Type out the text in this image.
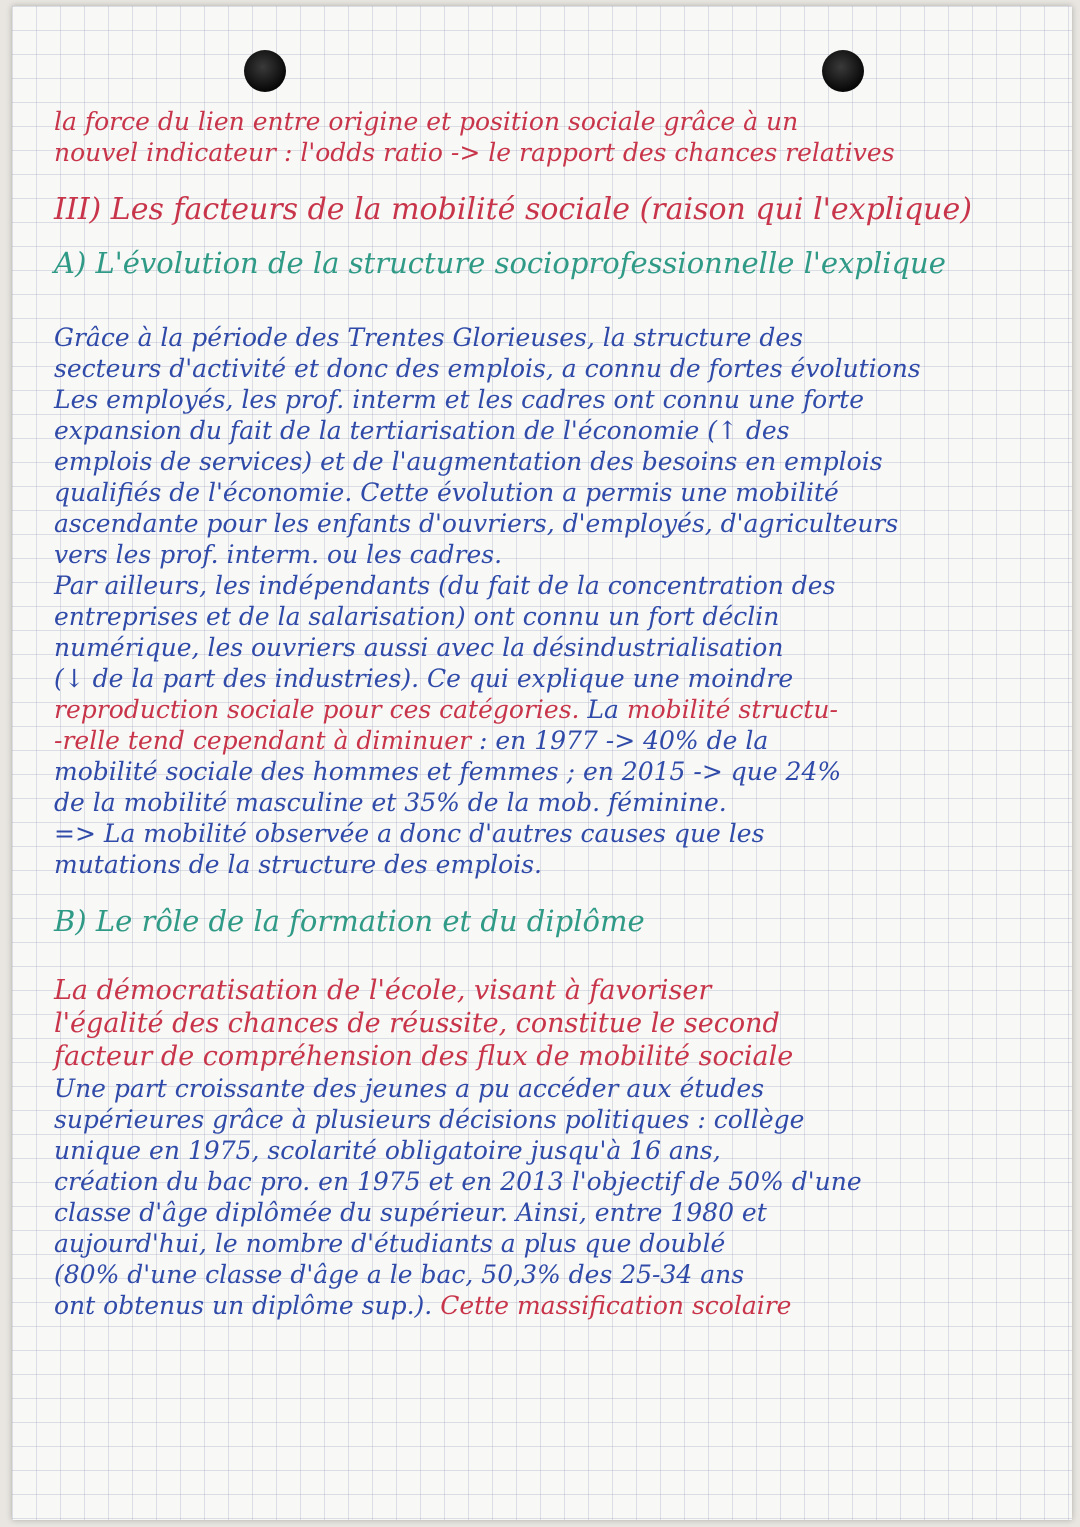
la force du lien entre origine et position sociale grâce à un

nouvel indicateur : l'odds ratio -> le rapport des chances relatives

III) Les facteurs de la mobilité sociale (raison qui l'explique)
A) L'évolution de la structure socioprofessionnelle l'explique

Grâce à la période des Trentes Glorieuses, la structure des

secteurs d'activité et donc des emplois, a connu de fortes évolutions

Les employés, les prof. interm et les cadres ont connu une forte

expansion du fait de la tertiarisation de l'économie (↑ des

emplois de services) et de l'augmentation des besoins en emplois

qualifiés de l'économie. Cette évolution a permis une mobilité

ascendante pour les enfants d'ouvriers, d'employés, d'agriculteurs

vers les prof. interm. ou les cadres.

Par ailleurs, les indépendants (du fait de la concentration des

entreprises et de la salarisation) ont connu un fort déclin

numérique, les ouvriers aussi avec la désindustrialisation

(↓ de la part des industries). Ce qui explique une moindre

reproduction sociale pour ces catégories. La mobilité structu-

-relle tend cependant à diminuer : en 1977 -> 40% de la

mobilité sociale des hommes et femmes ; en 2015 -> que 24%

de la mobilité masculine et 35% de la mob. féminine.

=> La mobilité observée a donc d'autres causes que les

mutations de la structure des emplois.

B) Le rôle de la formation et du diplôme

La démocratisation de l'école, visant à favoriser

l'égalité des chances de réussite, constitue le second

facteur de compréhension des flux de mobilité sociale

Une part croissante des jeunes a pu accéder aux études

supérieures grâce à plusieurs décisions politiques : collège

unique en 1975, scolarité obligatoire jusqu'à 16 ans,

création du bac pro. en 1975 et en 2013 l'objectif de 50% d'une

classe d'âge diplômée du supérieur. Ainsi, entre 1980 et

aujourd'hui, le nombre d'étudiants a plus que doublé

(80% d'une classe d'âge a le bac, 50,3% des 25-34 ans

ont obtenus un diplôme sup.). Cette massification scolaire
